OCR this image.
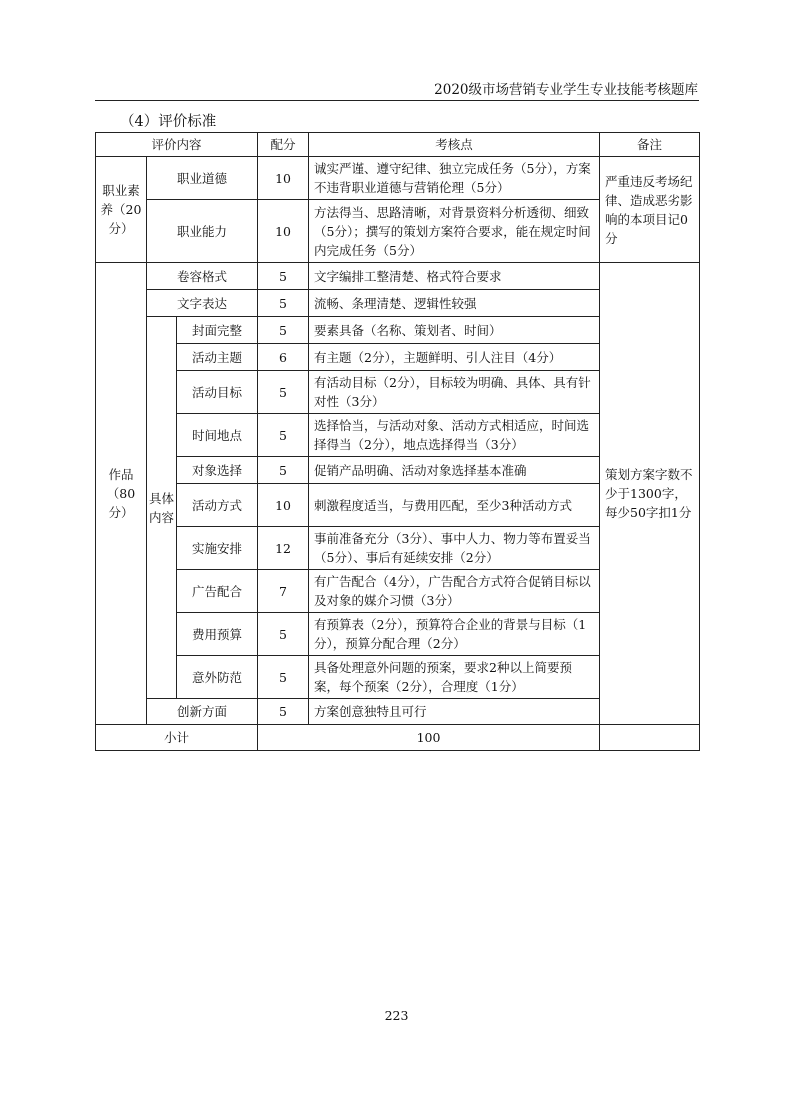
2020级市场营销专业学生专业技能考核题库
（4）评价标准
评价内容			配分	考核点	备注
职业素养（20分）	职业道德		10	诚实严谨、遵守纪律、独立完成任务（5分），方案不违背职业道德与营销伦理（5分）	严重违反考场纪律、造成恶劣影响的本项目记0分
	职业能力		10	方法得当、思路清晰，对背景资料分析透彻、细致（5分）；撰写的策划方案符合要求，能在规定时间内完成任务（5分）	
作品（80分）	卷容格式		5	文字编排工整清楚、格式符合要求	策划方案字数不少于1300字，每少50字扣1分
	文字表达		5	流畅、条理清楚、逻辑性较强	
	具体内容	封面完整	5	要素具备（名称、策划者、时间）	
		活动主题	6	有主题（2分），主题鲜明、引人注目（4分）	
		活动目标	5	有活动目标（2分），目标较为明确、具体、具有针对性（3分）	
		时间地点	5	选择恰当，与活动对象、活动方式相适应，时间选择得当（2分），地点选择得当（3分）	
		对象选择	5	促销产品明确、活动对象选择基本准确	
		活动方式	10	刺激程度适当，与费用匹配，至少3种活动方式	
		实施安排	12	事前准备充分（3分）、事中人力、物力等布置妥当（5分）、事后有延续安排（2分）	
		广告配合	7	有广告配合（4分），广告配合方式符合促销目标以及对象的媒介习惯（3分）	
		费用预算	5	有预算表（2分），预算符合企业的背景与目标（1分），预算分配合理（2分）	
		意外防范	5	具备处理意外问题的预案，要求2种以上简要预案，每个预案（2分），合理度（1分）	
	创新方面		5	方案创意独特且可行	
小计			100		
223
